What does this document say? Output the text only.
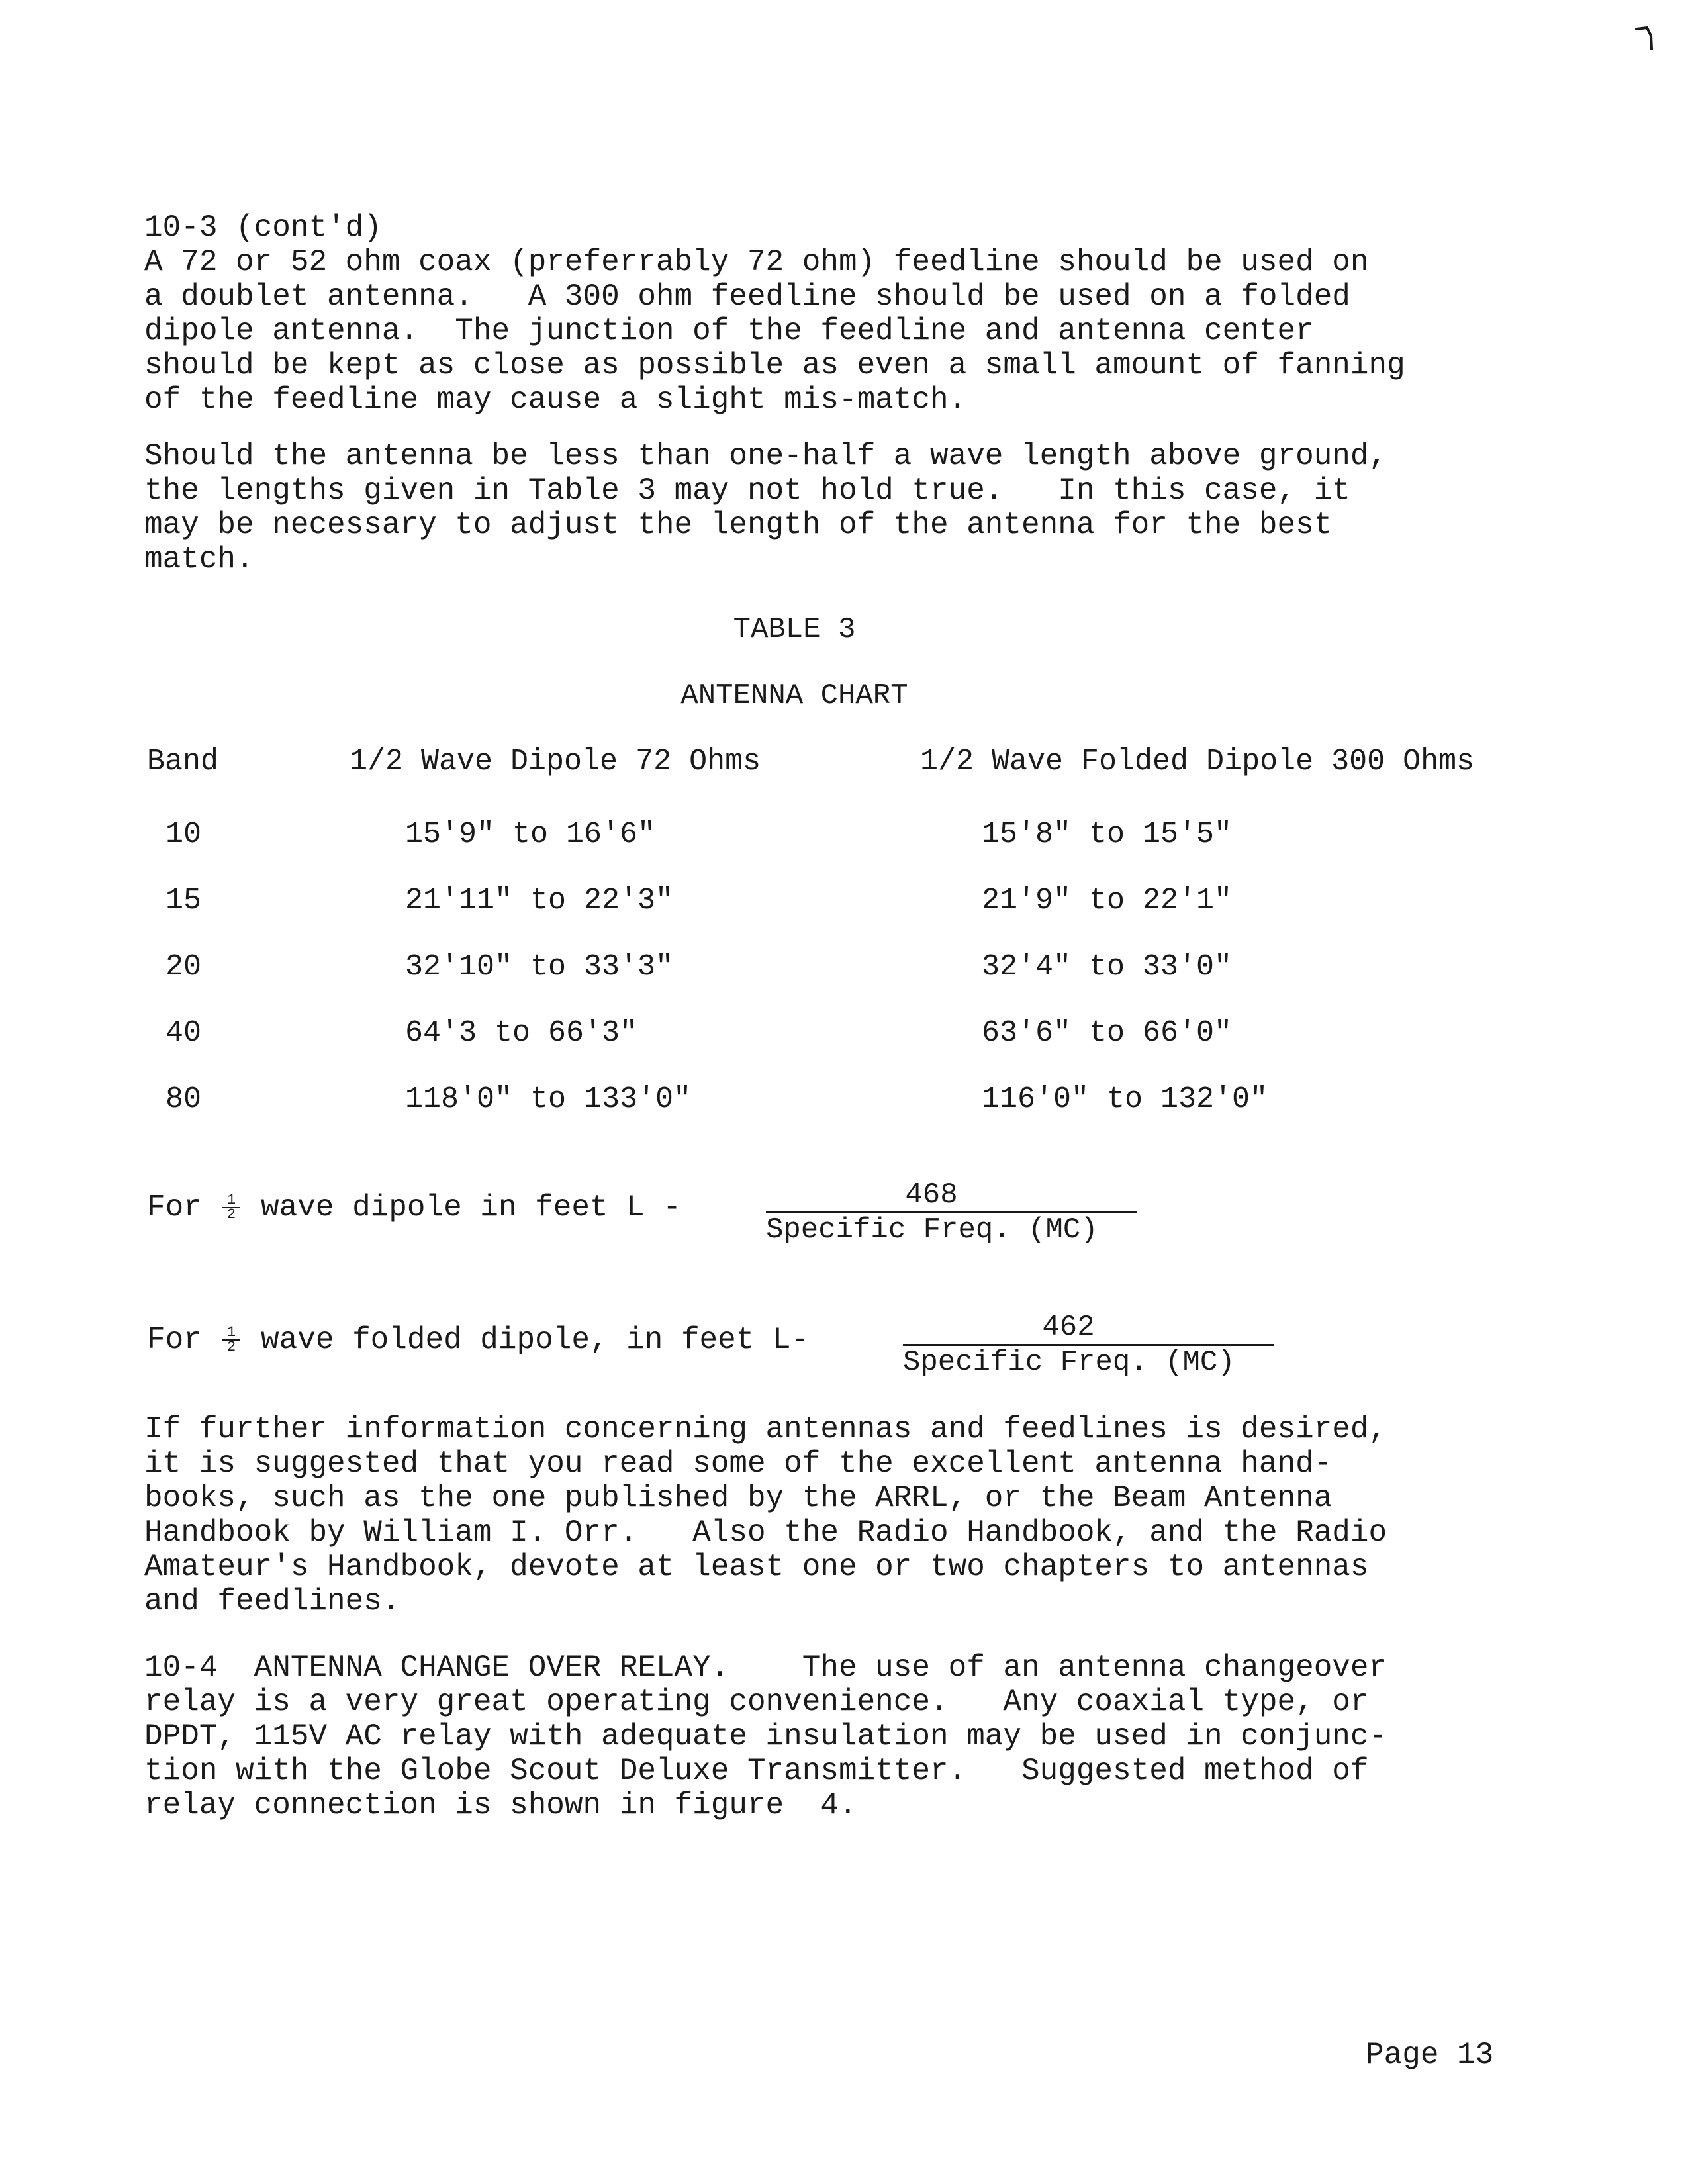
10-3 (cont'd)
A 72 or 52 ohm coax (preferrably 72 ohm) feedline should be used on
a doublet antenna.   A 300 ohm feedline should be used on a folded
dipole antenna.  The junction of the feedline and antenna center
should be kept as close as possible as even a small amount of fanning
of the feedline may cause a slight mis-match.
Should the antenna be less than one-half a wave length above ground,
the lengths given in Table 3 may not hold true.   In this case, it
may be necessary to adjust the length of the antenna for the best
match.
TABLE 3
ANTENNA CHART
Band	1/2 Wave Dipole 72 Ohms	1/2 Wave Folded Dipole 300 Ohms
10	15'9" to 16'6"	15'8" to 15'5"
15	21'11" to 22'3"	21'9" to 22'1"
20	32'10" to 33'3"	32'4" to 33'0"
40	64'3 to 66'3"	63'6" to 66'0"
80	118'0" to 133'0"	116'0" to 132'0"
For $\frac{1}{2}$ wave dipole in feet L -	468
Specific Freq. (MC)
For $\frac{1}{2}$ wave folded dipole, in feet L-	462
Specific Freq. (MC)
If further information concerning antennas and feedlines is desired,
it is suggested that you read some of the excellent antenna hand-
books, such as the one published by the ARRL, or the Beam Antenna
Handbook by William I. Orr.   Also the Radio Handbook, and the Radio
Amateur's Handbook, devote at least one or two chapters to antennas
and feedlines.
10-4  ANTENNA CHANGE OVER RELAY.    The use of an antenna changeover
relay is a very great operating convenience.   Any coaxial type, or
DPDT, 115V AC relay with adequate insulation may be used in conjunc-
tion with the Globe Scout Deluxe Transmitter.   Suggested method of
relay connection is shown in figure  4.
Page 13
